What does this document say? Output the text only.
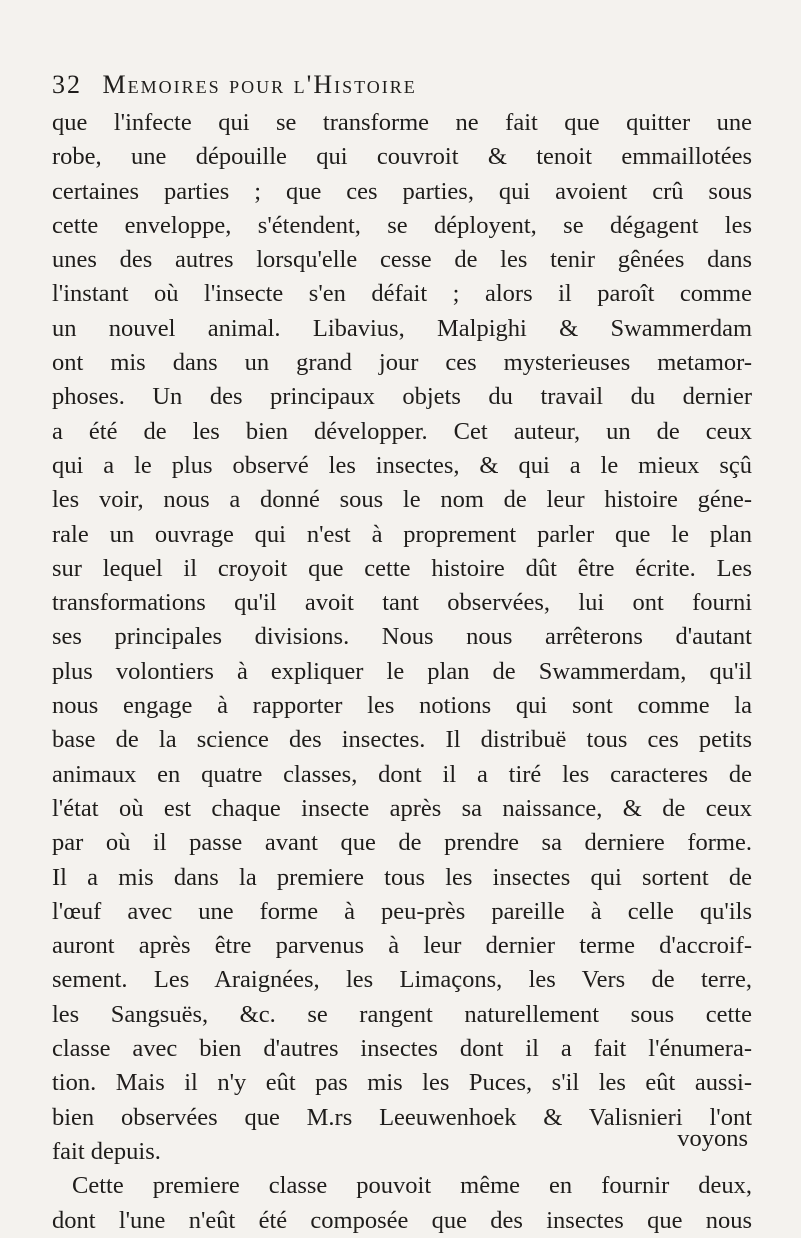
32 Memoires pour l'Histoire
que l'infecte qui se transforme ne fait que quitter une
robe, une dépouille qui couvroit & tenoit emmaillotées
certaines parties ; que ces parties, qui avoient crû sous
cette enveloppe, s'étendent, se déployent, se dégagent les
unes des autres lorsqu'elle cesse de les tenir gênées dans
l'instant où l'insecte s'en défait ; alors il paroît comme
un nouvel animal. Libavius, Malpighi & Swammerdam
ont mis dans un grand jour ces mysterieuses metamor-
phoses. Un des principaux objets du travail du dernier
a été de les bien développer. Cet auteur, un de ceux
qui a le plus observé les insectes, & qui a le mieux sçû
les voir, nous a donné sous le nom de leur histoire géne-
rale un ouvrage qui n'est à proprement parler que le plan
sur lequel il croyoit que cette histoire dût être écrite. Les
transformations qu'il avoit tant observées, lui ont fourni
ses principales divisions. Nous nous arrêterons d'autant
plus volontiers à expliquer le plan de Swammerdam, qu'il
nous engage à rapporter les notions qui sont comme la
base de la science des insectes. Il distribuë tous ces petits
animaux en quatre classes, dont il a tiré les caracteres de
l'état où est chaque insecte après sa naissance, & de ceux
par où il passe avant que de prendre sa derniere forme.
Il a mis dans la premiere tous les insectes qui sortent de
l'œuf avec une forme à peu-près pareille à celle qu'ils
auront après être parvenus à leur dernier terme d'accroif-
sement. Les Araignées, les Limaçons, les Vers de terre,
les Sangsuës, &c. se rangent naturellement sous cette
classe avec bien d'autres insectes dont il a fait l'énumera-
tion. Mais il n'y eût pas mis les Puces, s'il les eût aussi-
bien observées que M.rs Leeuwenhoek & Valisnieri l'ont
fait depuis.
Cette premiere classe pouvoit même en fournir deux,
dont l'une n'eût été composée que des insectes que nous
voyons
